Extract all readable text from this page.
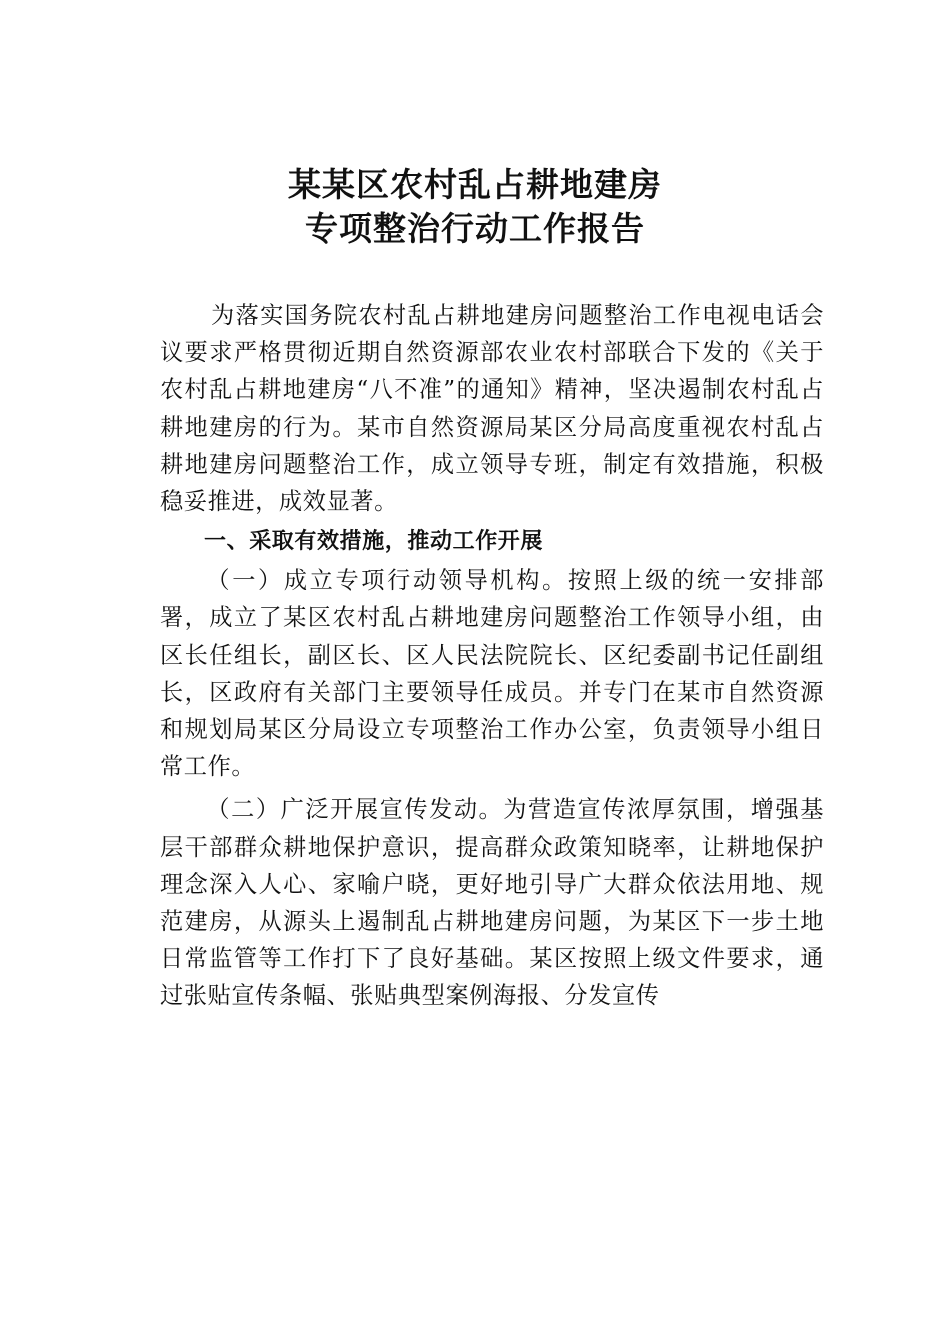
某某区农村乱占耕地建房
专项整治行动工作报告

为落实国务院农村乱占耕地建房问题整治工作电视电话会议要求严格贯彻近期自然资源部农业农村部联合下发的《关于农村乱占耕地建房“八不准”的通知》精神，坚决遏制农村乱占耕地建房的行为。某市自然资源局某区分局高度重视农村乱占耕地建房问题整治工作，成立领导专班，制定有效措施，积极稳妥推进，成效显著。

一、采取有效措施，推动工作开展

（一）成立专项行动领导机构。按照上级的统一安排部署，成立了某区农村乱占耕地建房问题整治工作领导小组，由区长任组长，副区长、区人民法院院长、区纪委副书记任副组长，区政府有关部门主要领导任成员。并专门在某市自然资源和规划局某区分局设立专项整治工作办公室，负责领导小组日常工作。

（二）广泛开展宣传发动。为营造宣传浓厚氛围，增强基层干部群众耕地保护意识，提高群众政策知晓率，让耕地保护理念深入人心、家喻户晓，更好地引导广大群众依法用地、规范建房，从源头上遏制乱占耕地建房问题，为某区下一步土地日常监管等工作打下了良好基础。某区按照上级文件要求，通过张贴宣传条幅、张贴典型案例海报、分发宣传
